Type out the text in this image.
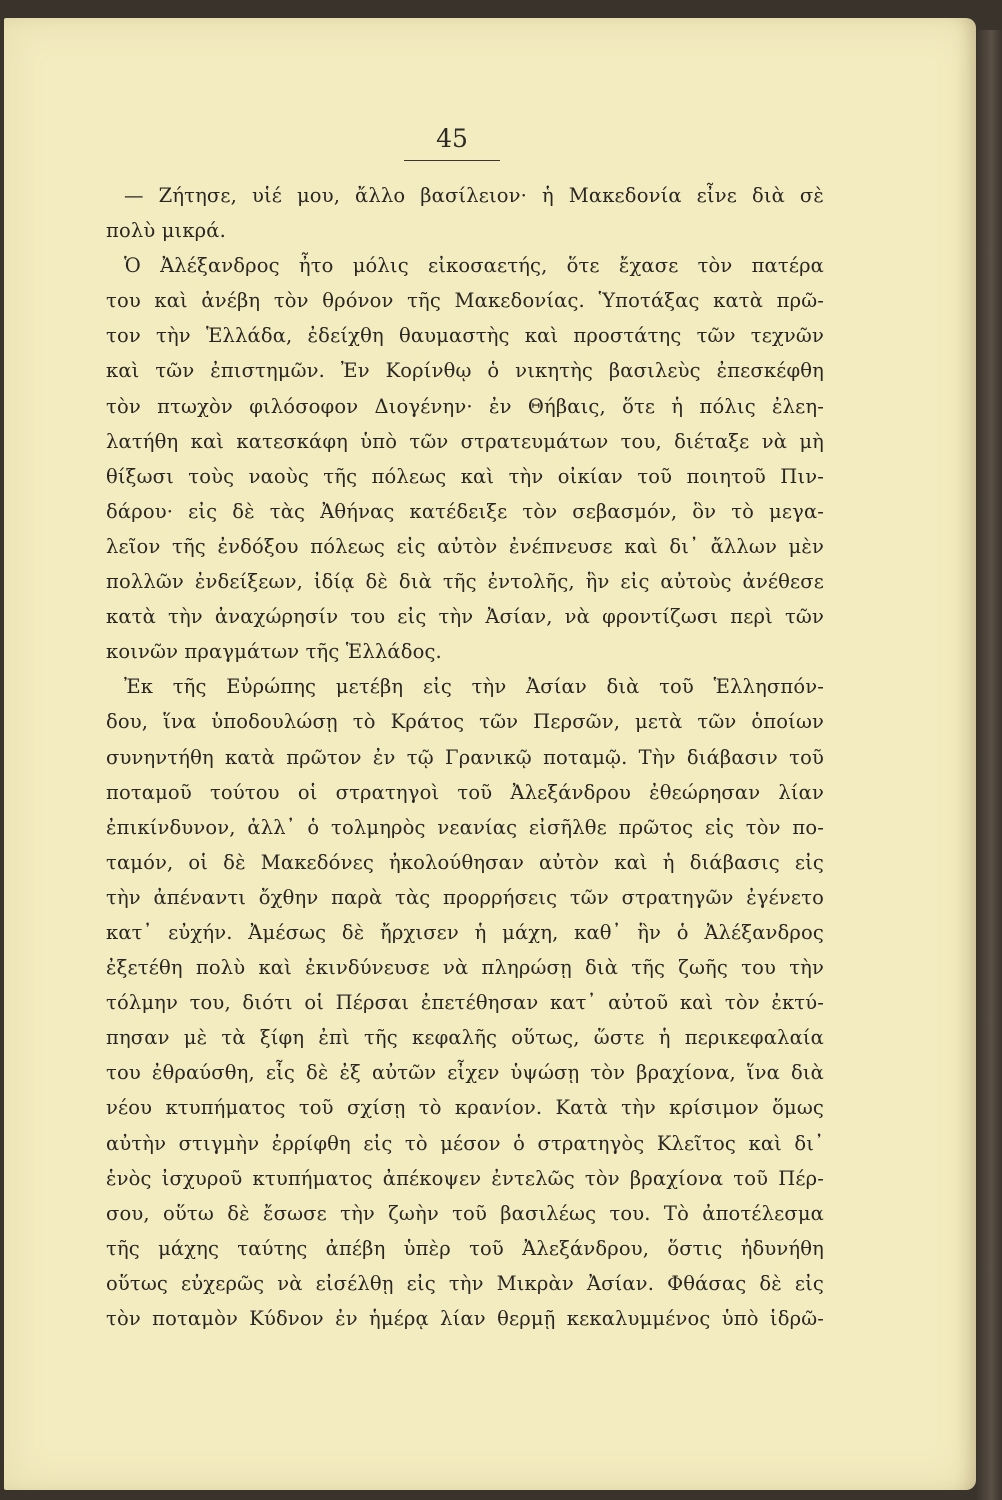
45
— Ζήτησε, υἱέ μου, ἄλλο βασίλειον· ἡ Μακεδονία εἶνε διὰ σὲ
πολὺ μικρά.
Ὁ Ἀλέξανδρος ἦτο μόλις εἰκοσαετής, ὅτε ἔχασε τὸν πατέρα
του καὶ ἀνέβη τὸν θρόνον τῆς Μακεδονίας. Ὑποτάξας κατὰ πρῶ-
τον τὴν Ἑλλάδα, ἐδείχθη θαυμαστὴς καὶ προστάτης τῶν τεχνῶν
καὶ τῶν ἐπιστημῶν. Ἐν Κορίνθῳ ὁ νικητὴς βασιλεὺς ἐπεσκέφθη
τὸν πτωχὸν φιλόσοφον Διογένην· ἐν Θήβαις, ὅτε ἡ πόλις ἐλεη-
λατήθη καὶ κατεσκάφη ὑπὸ τῶν στρατευμάτων του, διέταξε νὰ μὴ
θίξωσι τοὺς ναοὺς τῆς πόλεως καὶ τὴν οἰκίαν τοῦ ποιητοῦ Πιν-
δάρου· εἰς δὲ τὰς Ἀθήνας κατέδειξε τὸν σεβασμόν, ὃν τὸ μεγα-
λεῖον τῆς ἐνδόξου πόλεως εἰς αὐτὸν ἐνέπνευσε καὶ δι᾽ ἄλλων μὲν
πολλῶν ἐνδείξεων, ἰδίᾳ δὲ διὰ τῆς ἐντολῆς, ἣν εἰς αὐτοὺς ἀνέθεσε
κατὰ τὴν ἀναχώρησίν του εἰς τὴν Ἀσίαν, νὰ φροντίζωσι περὶ τῶν
κοινῶν πραγμάτων τῆς Ἑλλάδος.
Ἐκ τῆς Εὐρώπης μετέβη εἰς τὴν Ἀσίαν διὰ τοῦ Ἑλλησπόν-
δου, ἵνα ὑποδουλώσῃ τὸ Κράτος τῶν Περσῶν, μετὰ τῶν ὁποίων
συνηντήθη κατὰ πρῶτον ἐν τῷ Γρανικῷ ποταμῷ. Τὴν διάβασιν τοῦ
ποταμοῦ τούτου οἱ στρατηγοὶ τοῦ Ἀλεξάνδρου ἐθεώρησαν λίαν
ἐπικίνδυνον, ἀλλ᾽ ὁ τολμηρὸς νεανίας εἰσῆλθε πρῶτος εἰς τὸν πο-
ταμόν, οἱ δὲ Μακεδόνες ἠκολούθησαν αὐτὸν καὶ ἡ διάβασις εἰς
τὴν ἀπέναντι ὄχθην παρὰ τὰς προρρήσεις τῶν στρατηγῶν ἐγένετο
κατ᾽ εὐχήν. Ἀμέσως δὲ ἤρχισεν ἡ μάχη, καθ᾽ ἣν ὁ Ἀλέξανδρος
ἐξετέθη πολὺ καὶ ἐκινδύνευσε νὰ πληρώσῃ διὰ τῆς ζωῆς του τὴν
τόλμην του, διότι οἱ Πέρσαι ἐπετέθησαν κατ᾽ αὐτοῦ καὶ τὸν ἐκτύ-
πησαν μὲ τὰ ξίφη ἐπὶ τῆς κεφαλῆς οὕτως, ὥστε ἡ περικεφαλαία
του ἐθραύσθη, εἷς δὲ ἐξ αὐτῶν εἶχεν ὑψώσῃ τὸν βραχίονα, ἵνα διὰ
νέου κτυπήματος τοῦ σχίσῃ τὸ κρανίον. Κατὰ τὴν κρίσιμον ὅμως
αὐτὴν στιγμὴν ἐρρίφθη εἰς τὸ μέσον ὁ στρατηγὸς Κλεῖτος καὶ δι᾽
ἑνὸς ἰσχυροῦ κτυπήματος ἀπέκοψεν ἐντελῶς τὸν βραχίονα τοῦ Πέρ-
σου, οὕτω δὲ ἔσωσε τὴν ζωὴν τοῦ βασιλέως του. Τὸ ἀποτέλεσμα
τῆς μάχης ταύτης ἀπέβη ὑπὲρ τοῦ Ἀλεξάνδρου, ὅστις ἠδυνήθη
οὕτως εὐχερῶς νὰ εἰσέλθῃ εἰς τὴν Μικρὰν Ἀσίαν. Φθάσας δὲ εἰς
τὸν ποταμὸν Κύδνον ἐν ἡμέρᾳ λίαν θερμῇ κεκαλυμμένος ὑπὸ ἱδρῶ-
